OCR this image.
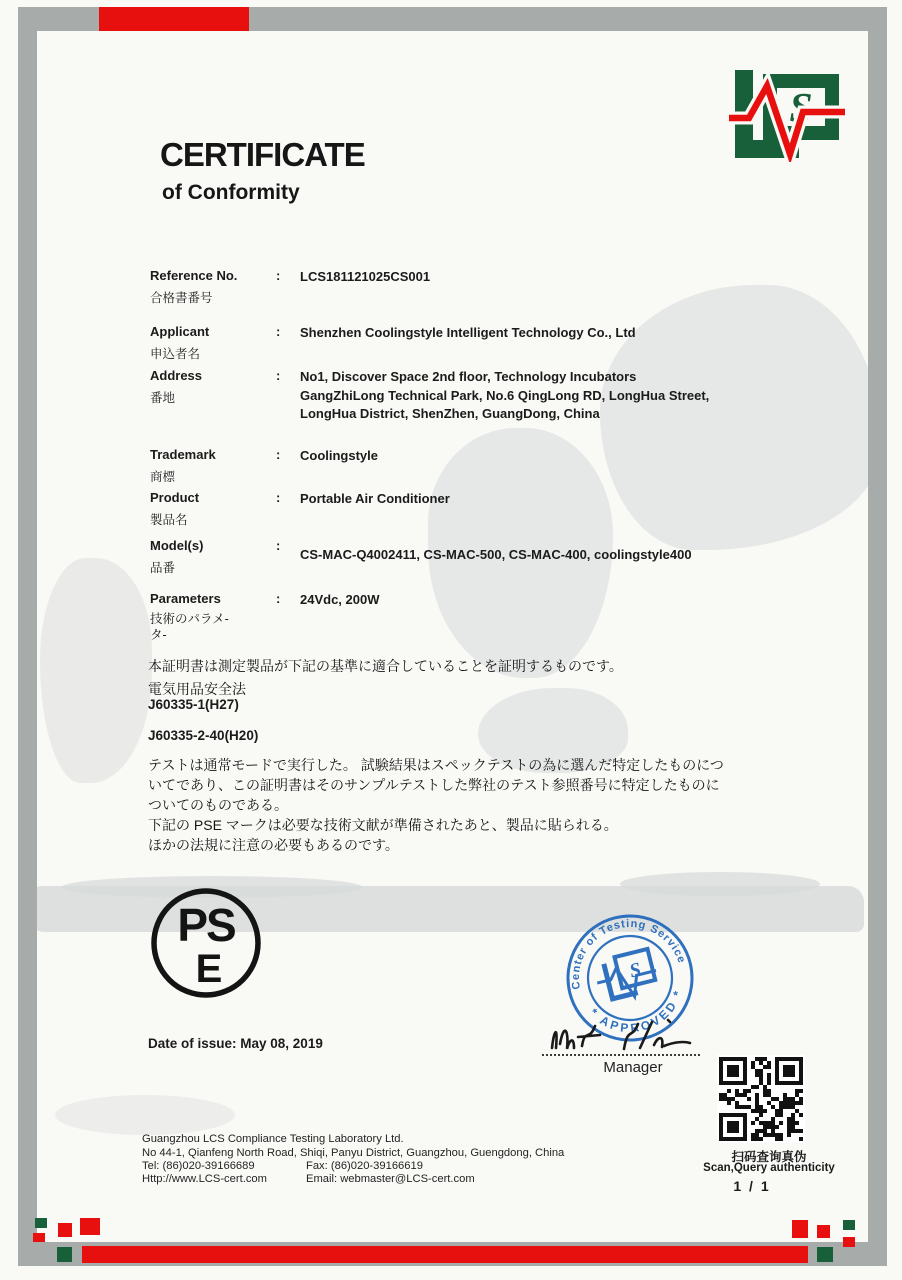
S
CERTIFICATE
of Conformity
Reference No.
合格書番号
: LCS181121025CS001
Applicant
申込者名
: Shenzhen Coolingstyle Intelligent Technology Co., Ltd
Address
番地
: No1, Discover Space 2nd floor, Technology Incubators
GangZhiLong Technical Park, No.6 QingLong RD, LongHua Street,
LongHua District, ShenZhen, GuangDong, China
Trademark
商標
: Coolingstyle
Product
製品名
: Portable Air Conditioner
Model(s)
品番
:
CS-MAC-Q4002411, CS-MAC-500, CS-MAC-400, coolingstyle400
Parameters
技術のパラメ-タ-
: 24Vdc, 200W
本証明書は測定製品が下記の基準に適合していることを証明するものです。
電気用品安全法
J60335-1(H27)
J60335-2-40(H20)
テストは通常モードで実行した。 試験結果はスペックテストの為に選んだ特定したものにつ
いてであり、この証明書はそのサンプルテストした弊社のテスト参照番号に特定したものに
ついてのものである。
下記の PSE マークは必要な技術文献が準備されたあと、製品に貼られる。
ほかの法規に注意の必要もあるのです。
PS
E
Date of issue: May 08, 2019
Center of Testing Service
* APPROVED *
S
Manager
扫码查询真伪
Scan,Query authenticity
1 / 1
Guangzhou LCS Compliance Testing Laboratory Ltd.
No 44-1, Qianfeng North Road, Shiqi, Panyu District, Guangzhou, Guengdong, China
Tel: (86)020-39166689	Fax: (86)020-39166619
Http://www.LCS-cert.com	Email: webmaster@LCS-cert.com
